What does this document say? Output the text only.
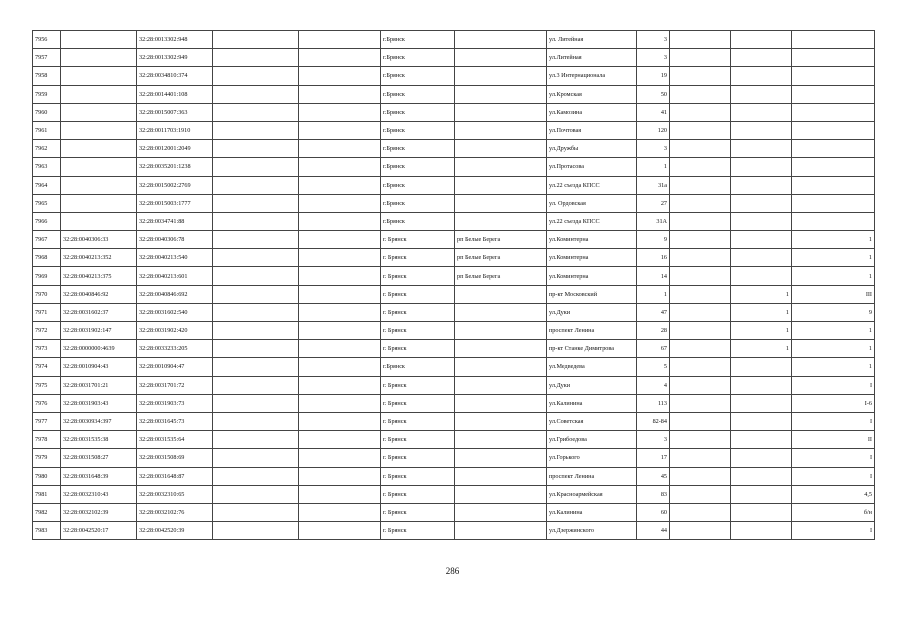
7956		32:28:0013302:948			г.Брянск		ул. Литейная	3			
7957		32:28:0013302:949			г.Брянск		ул.Литейная	3			
7958		32:28:0034810:374			г.Брянск		ул.3 Интернационала	19			
7959		32:28:0014401:108			г.Брянск		ул.Кромская	50			
7960		32:28:0015007:363			г.Брянск		ул.Камозина	41			
7961		32:28:0011703:1910			г.Брянск		ул.Почтовая	120			
7962		32:28:0012001:2049			г.Брянск		ул.Дружбы	3			
7963		32:28:0035201:1238			г.Брянск		ул.Протасова	1			
7964		32:28:0015002:2769			г.Брянск		ул.22 съезда КПСС	31а			
7965		32:28:0015003:1777			г.Брянск		ул. Ордовская	27			
7966		32:28:0034741:88			г.Брянск		ул.22 съезда КПСС	31А			
7967	32:28:0040306:33	32:28:0040306:78			г. Брянск	рп Белые Берега	ул.Коминтерна	9			1
7968	32:28:0040213:352	32:28:0040213:540			г. Брянск	рп Белые Берега	ул.Коминтерна	16			1
7969	32:28:0040213:375	32:28:0040213:601			г. Брянск	рп Белые Берега	ул.Коминтерна	14			1
7970	32:28:0040846:92	32:28:0040846:692			г. Брянск		пр-кт Московский	1		1	III
7971	32:28:0031602:37	32:28:0031602:540			г. Брянск		ул.Дуки	47		1	9
7972	32:28:0031902:147	32:28:0031902:420			г. Брянск		проспект Ленина	28		1	1
7973	32:28:0000000:4639	32:28:0033233:205			г. Брянск		пр-кт Станке Димитрова	67		1	1
7974	32:28:0010904:43	32:28:0010904:47			г.Брянск		ул.Медведева	5			1
7975	32:28:0031701:21	32:28:0031701:72			г. Брянск		ул.Дуки	4			I
7976	32:28:0031903:43	32:28:0031903:73			г. Брянск		ул.Калинина	113			I-6
7977	32:28:0030934:397	32:28:0031645:73			г. Брянск		ул.Советская	82-84			I
7978	32:28:0031535:38	32:28:0031535:64			г. Брянск		ул.Грибоедова	3			II
7979	32:28:0031508:27	32:28:0031508:69			г. Брянск		ул.Горького	17			I
7980	32:28:0031648:39	32:28:0031648:87			г. Брянск		проспект Ленина	45			I
7981	32:28:0032310:43	32:28:0032310:65			г. Брянск		ул.Красноармейская	83			4,5
7982	32:28:0032102:39	32:28:0032102:76			г. Брянск		ул.Калинина	60			б/н
7983	32:28:0042520:17	32:28:0042520:39			г. Брянск		ул.Дзержинского	44			I
286
